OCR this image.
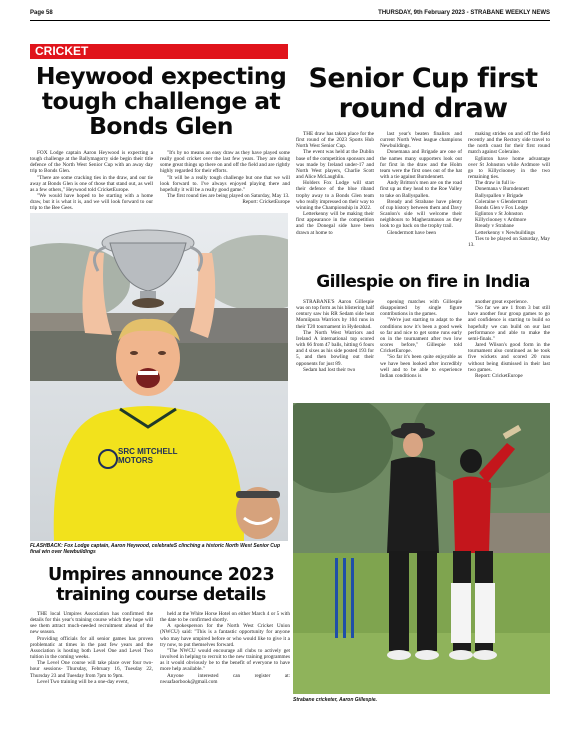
Page 58	THURSDAY, 9th February 2023 - STRABANE WEEKLY NEWS
CRICKET
Heywood expecting tough challenge at Bonds Glen

FOX Lodge captain Aaron Heywood is expecting a tough challenge at the Ballymagorry side begin their title defence of the North West Senior Cup with an away day trip to Bonds Glen.

"There are some cracking ties in the draw, and our tie away at Bonds Glen is one of those that stand out, as well as a few others," Heywood told CricketEurope.

"We would have hoped to be starting with a home draw, but it is what it is, and we will look forward to our trip to the Bee Gees.

"It's by no means an easy draw as they have played some really good cricket over the last few years. They are doing some great things up there on and off the field and are rightly highly regarded for their efforts.

"It will be a really tough challenge but one that we will look forward to. I've always enjoyed playing there and hopefully it will be a really good game."

The first round ties are being played on Saturday, May 13.

Report: CricketEurope

SRC MITCHELL MOTORS
FLASHBACK: Fox Lodge captain, Aaron Heywood, celebrateS clinching a historic North West Senior Cup final win over Newbuildings
Senior Cup first round draw

THE draw has taken place for the first round of the 2023 Sports Hub North West Senior Cup.

The event was held at the Dublin base of the competition sponsors and was made by Ireland under-17 and North West players, Charlie Scott and Alice McLaughlin.

Holders Fox Lodge will start their defence of the blue riband trophy away to a Bonds Glen team who really impressed on their way to winning the Championship in 2022.

Letterkenny will be making their first appearance in the competition and the Donegal side have been drawn at home to

last year's beaten finalists and current North West league champions Newbuildings.

Donemana and Brigade are one of the names many supporters look out for first in the draw and the Holm team were the first ones out of the hat with a tie against Burndennett.

Andy Britton's men are on the road first up as they head to the Roe Valley to take on Ballyspallen.

Bready and Strabane have plenty of cup history between them and Davy Scanlon's side will welcome their neighbours to Magheramason as they look to go back on the trophy trail.

Glendermott have been

making strides on and off the field recently and the Rectory side travel to the north coast for their first round match against Coleraine.

Eglinton have home advantage over St Johnston while Ardmore will go to Killyclooney in the two remaining ties.

The draw in full is-

Donemana v Burndennett
Ballyspallen v Brigade
Coleraine v Glendermott
Bonds Glen v Fox Lodge
Eglinton v St Johnston
Killyclooney v Ardmore
Bready v Strabane
Letterkenny v Newbuildings

Ties to be played on Saturday, May 13.

Gillespie on fire in India

STRABANE'S Aaron Gillespie was on top form as his blistering half century saw his RR Sedam side beat Momiipura Warriors by 104 runs in their T20 tournament in Hyderabad.

The North West Warriors and Ireland A international top scored with 66 from 47 balls, hitting 6 fours and 4 sixes as his side posted 193 for 5, and then bowling out their opponents for just 89.

Sedam had lost their two

opening matches with Gillespie disappointed by single figure contributions in the games.

"We're just starting to adapt to the conditions now it's been a good week so far and nice to get some runs early on in the tournament after two low scores before," Gillespie told CricketEurope.

"So far it's been quite enjoyable as we have been looked after incredibly well and to be able to experience Indian conditions is

another great experience.

"So far we are 1 from 3 but still have another four group games to go and confidence is starting to build so hopefully we can build on our last performance and able to make the semi-finals."

Jared Wilson's good form in the tournament also continued as he took five wickets and scored 20 runs without being dismissed in their last two games.

Report: CricketEurope

Strabane cricketer, Aaron Gillespie.
Umpires announce 2023 training course details

THE local Umpires Association has confirmed the details for this year's training course which they hope will see them attract much-needed recruitment ahead of the new season.

Providing officials for all senior games has proven problematic at times in the past few years and the Association is hosting both Level One and Level Two tuition in the coming weeks.

The Level One course will take place over four two-hour sessions- Thursday, February 16, Tuesday 22, Thursday 23 and Tuesday from 7pm to 9pm.

Level Two training will be a one-day event,

held at the White Horse Hotel on either March 4 or 5 with the date to be confirmed shortly.

A spokesperson for the North West Cricket Union (NWCU) said: "This is a fantastic opportunity for anyone who may have umpired before or who would like to give it a try now, to put themselves forward.

"The NWCU would encourage all clubs to actively get involved in helping to recruit to the new training programmes as it would obviously be to the benefit of everyone to have more help available."

Anyone interested can register at: nwuafaorbook@gmail.com
